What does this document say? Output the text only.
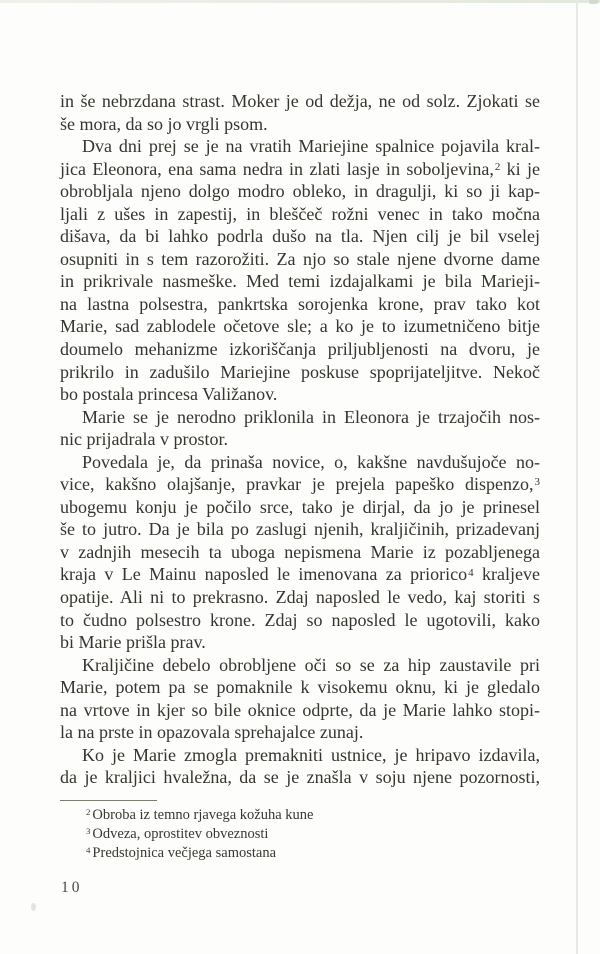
in še nebrzdana strast. Moker je od dežja, ne od solz. Zjokati se
še mora, da so jo vrgli psom.
Dva dni prej se je na vratih Mariejine spalnice pojavila kral-
jica Eleonora, ena sama nedra in zlati lasje in soboljevina,$^2$ ki je
obrobljala njeno dolgo modro obleko, in dragulji, ki so ji kap-
ljali z ušes in zapestij, in bleščeč rožni venec in tako močna
dišava, da bi lahko podrla dušo na tla. Njen cilj je bil vselej
osupniti in s tem razorožiti. Za njo so stale njene dvorne dame
in prikrivale nasmeške. Med temi izdajalkami je bila Marieji-
na lastna polsestra, pankrtska sorojenka krone, prav tako kot
Marie, sad zablodele očetove sle; a ko je to izumetničeno bitje
doumelo mehanizme izkoriščanja priljubljenosti na dvoru, je
prikrilo in zadušilo Mariejine poskuse spoprijateljitve. Nekoč
bo postala princesa Valižanov.
Marie se je nerodno priklonila in Eleonora je trzajočih nos-
nic prijadrala v prostor.
Povedala je, da prinaša novice, o, kakšne navdušujoče no-
vice, kakšno olajšanje, pravkar je prejela papeško dispenzo,$^3$
ubogemu konju je počilo srce, tako je dirjal, da jo je prinesel
še to jutro. Da je bila po zaslugi njenih, kraljičinih, prizadevanj
v zadnjih mesecih ta uboga nepismena Marie iz pozabljenega
kraja v Le Mainu naposled le imenovana za priorico$^4$ kraljeve
opatije. Ali ni to prekrasno. Zdaj naposled le vedo, kaj storiti s
to čudno polsestro krone. Zdaj so naposled le ugotovili, kako
bi Marie prišla prav.
Kraljičine debelo obrobljene oči so se za hip zaustavile pri
Marie, potem pa se pomaknile k visokemu oknu, ki je gledalo
na vrtove in kjer so bile oknice odprte, da je Marie lahko stopi-
la na prste in opazovala sprehajalce zunaj.
Ko je Marie zmogla premakniti ustnice, je hripavo izdavila,
da je kraljici hvaležna, da se je znašla v soju njene pozornosti,
$^2$ Obroba iz temno rjavega kožuha kune
$^3$ Odveza, oprostitev obveznosti
$^4$ Predstojnica večjega samostana
10
